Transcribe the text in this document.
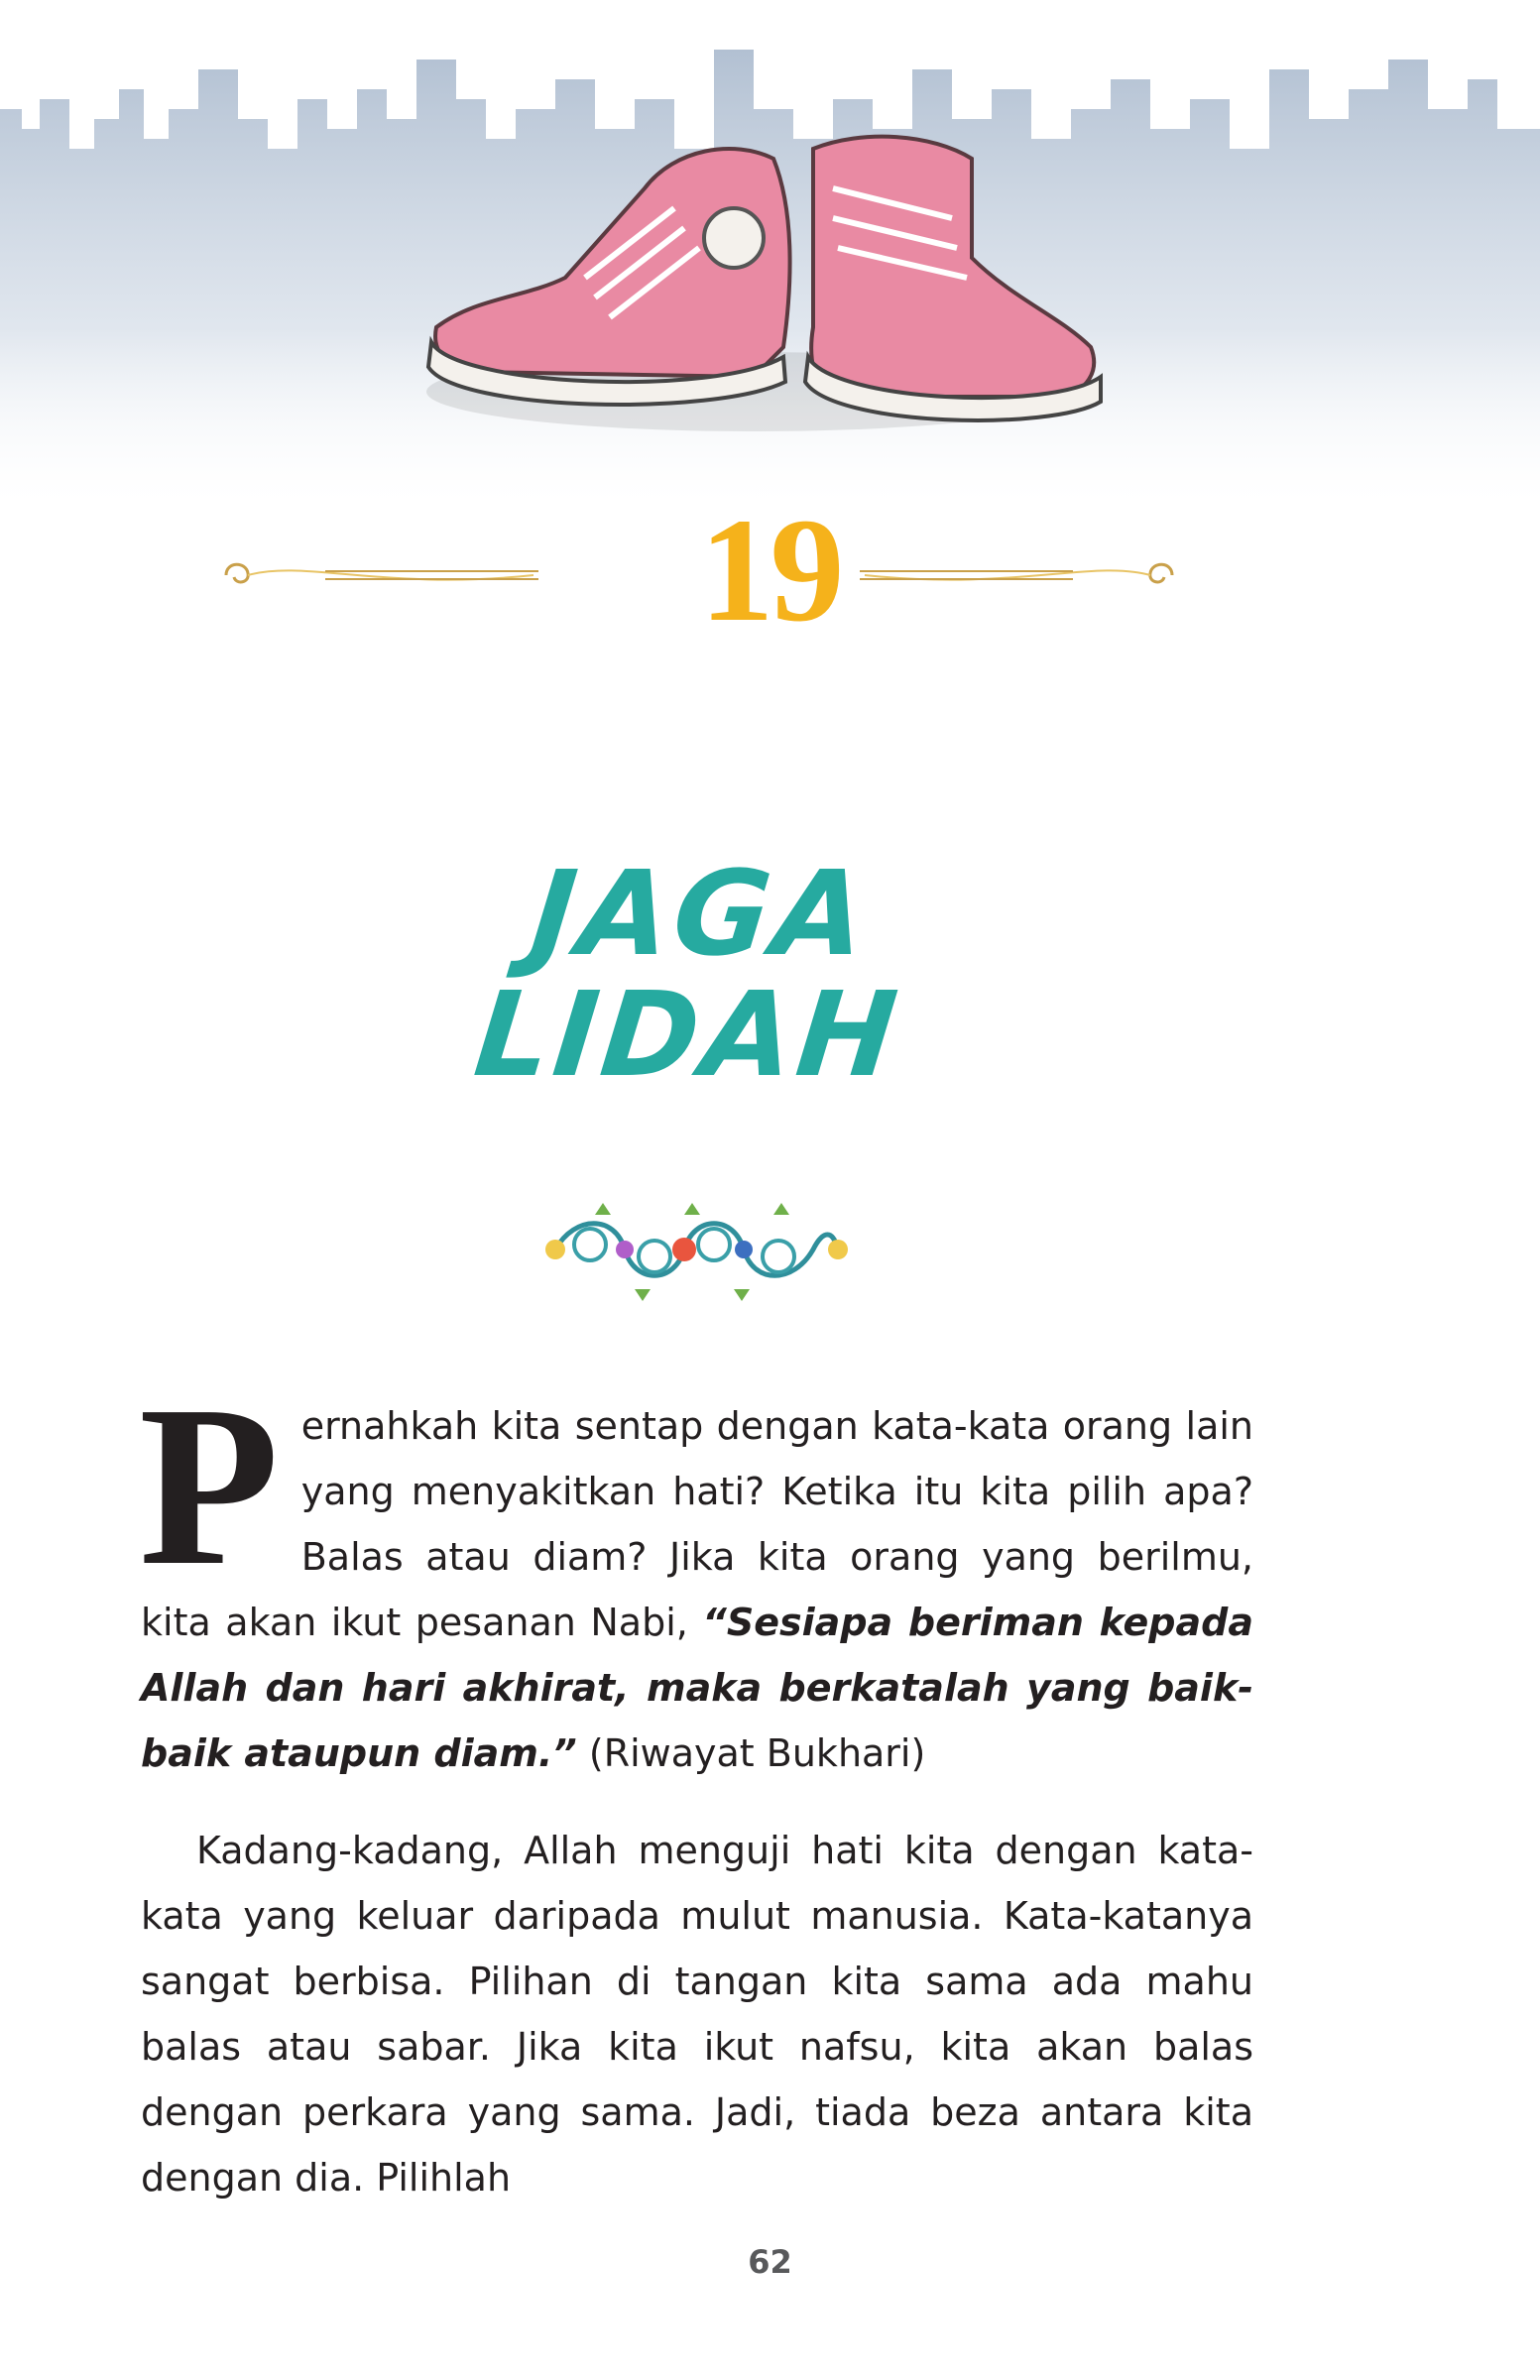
19
JAGA
LIDAH

Pernahkah kita sentap dengan kata-kata orang lain yang menyakitkan hati? Ketika itu kita pilih apa? Balas atau diam? Jika kita orang yang berilmu, kita akan ikut pesanan Nabi, “Sesiapa beriman kepada Allah dan hari akhirat, maka berkatalah yang baik-baik ataupun diam.” (Riwayat Bukhari)

Kadang-kadang, Allah menguji hati kita dengan kata-kata yang keluar daripada mulut manusia. Kata-katanya sangat berbisa. Pilihan di tangan kita sama ada mahu balas atau sabar. Jika kita ikut nafsu, kita akan balas dengan perkara yang sama. Jadi, tiada beza antara kita dengan dia. Pilihlah

62
